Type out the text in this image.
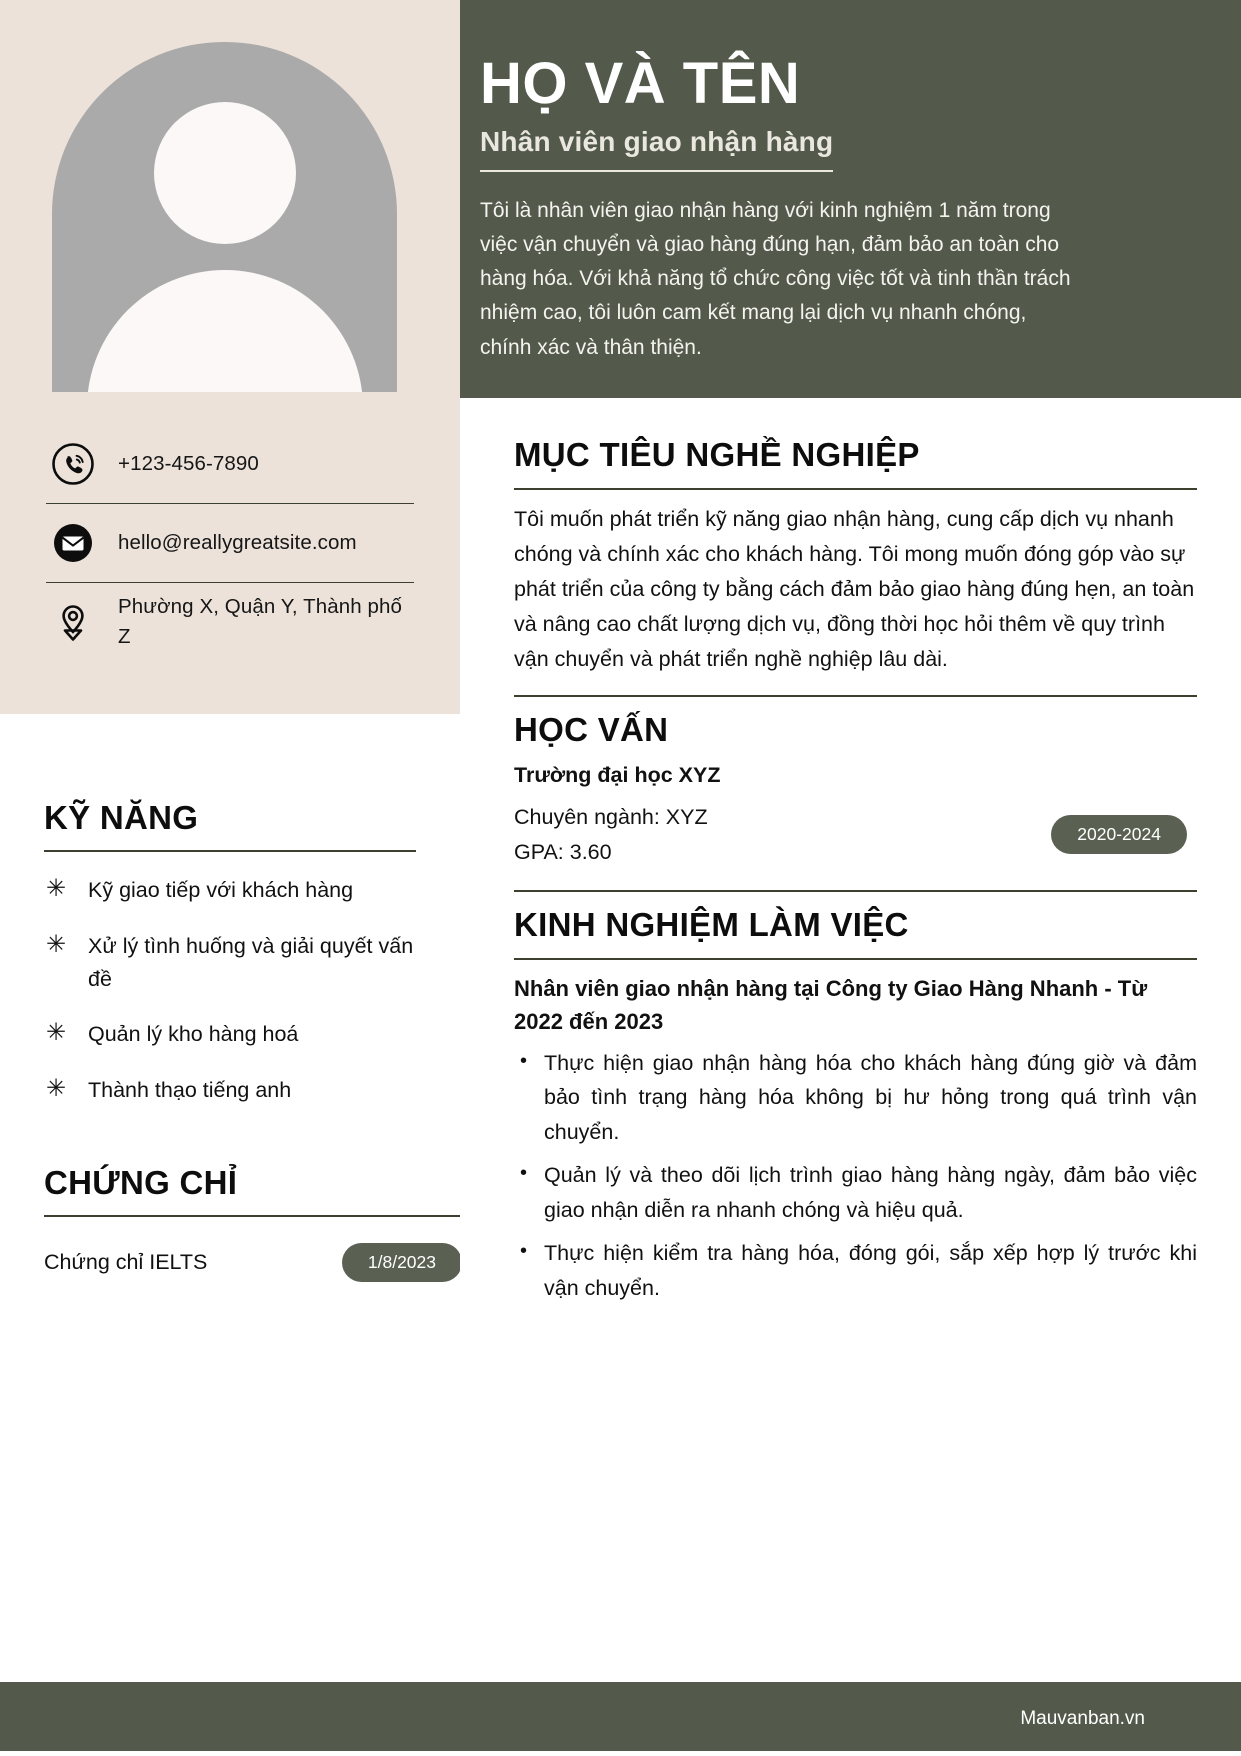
+123-456-7890
hello@reallygreatsite.com
Phường X, Quận Y, Thành phố Z
KỸ NĂNG
✳	Kỹ giao tiếp với khách hàng
✳	Xử lý tình huống và giải quyết vấn đề
✳	Quản lý kho hàng hoá
✳	Thành thạo tiếng anh
CHỨNG CHỈ
Chứng chỉ IELTS	1/8/2023
HỌ VÀ TÊN
Nhân viên giao nhận hàng
Tôi là nhân viên giao nhận hàng với kinh nghiệm 1 năm trong việc vận chuyển và giao hàng đúng hạn, đảm bảo an toàn cho hàng hóa. Với khả năng tổ chức công việc tốt và tinh thần trách nhiệm cao, tôi luôn cam kết mang lại dịch vụ nhanh chóng, chính xác và thân thiện.
MỤC TIÊU NGHỀ NGHIỆP
Tôi muốn phát triển kỹ năng giao nhận hàng, cung cấp dịch vụ nhanh chóng và chính xác cho khách hàng. Tôi mong muốn đóng góp vào sự phát triển của công ty bằng cách đảm bảo giao hàng đúng hẹn, an toàn và nâng cao chất lượng dịch vụ, đồng thời học hỏi thêm về quy trình vận chuyển và phát triển nghề nghiệp lâu dài.
HỌC VẤN
Trường đại học XYZ
Chuyên ngành: XYZ
GPA: 3.60
2020-2024
KINH NGHIỆM LÀM VIỆC
Nhân viên giao nhận hàng tại Công ty Giao Hàng Nhanh - Từ 2022 đến 2023
• Thực hiện giao nhận hàng hóa cho khách hàng đúng giờ và đảm bảo tình trạng hàng hóa không bị hư hỏng trong quá trình vận chuyển.
• Quản lý và theo dõi lịch trình giao hàng hàng ngày, đảm bảo việc giao nhận diễn ra nhanh chóng và hiệu quả.
• Thực hiện kiểm tra hàng hóa, đóng gói, sắp xếp hợp lý trước khi vận chuyển.
Mauvanban.vn
